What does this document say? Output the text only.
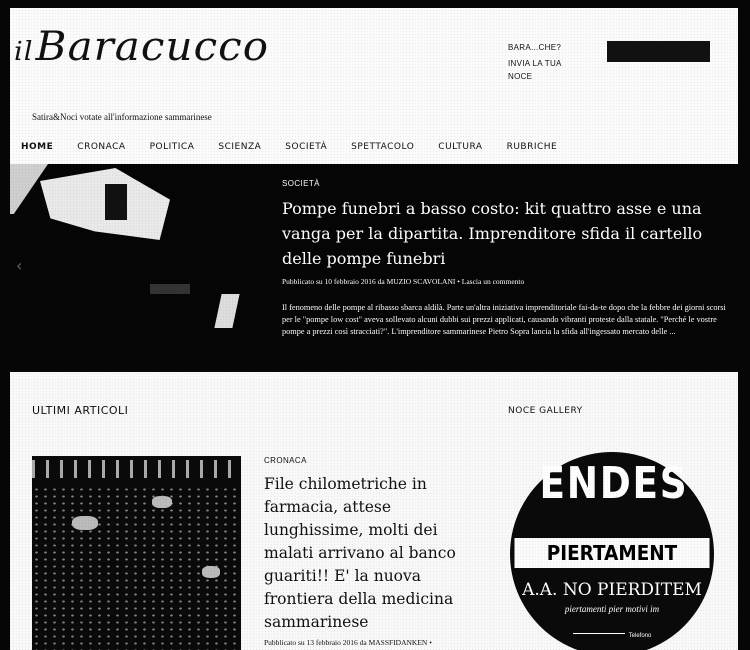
ilBaracucco
Satira&Noci votate all'informazione sammarinese
BARA...CHE?
INVIA LA TUA
NOCE
HOME	CRONACA	POLITICA	SCIENZA	SOCIETÀ	SPETTACOLO	CULTURA	RUBRICHE
‹
SOCIETÀ
Pompe funebri a basso costo: kit quattro asse e una vanga per la dipartita. Imprenditore sfida il cartello delle pompe funebri
Pubblicato su 10 febbraio 2016 da MUZIO SCAVOLANI • Lascia un commento

Il fenomeno delle pompe al ribasso sbarca aldilà. Parte un'altra iniziativa imprenditoriale fai-da-te dopo che la febbre dei giorni scorsi per le "pompe low cost" aveva sollevato alcuni dubbi sui prezzi applicati, causando vibranti proteste dalla statale. "Perché le vostre pompe a prezzi così stracciati?". L'imprenditore sammarinese Pietro Sopra lancia la sfida all'ingessato mercato delle ...

ULTIMI ARTICOLI	NOCE GALLERY
CRONACA
File chilometriche in farmacia, attese lunghissime, molti dei malati arrivano al banco guariti!! E' la nuova frontiera della medicina sammarinese
Pubblicato su 13 febbraio 2016 da MASSFIDANKEN •
ENDES
PIERTAMENT
A.A. NO PIERDITEM
piertamenti pier motivi im
Telefono
